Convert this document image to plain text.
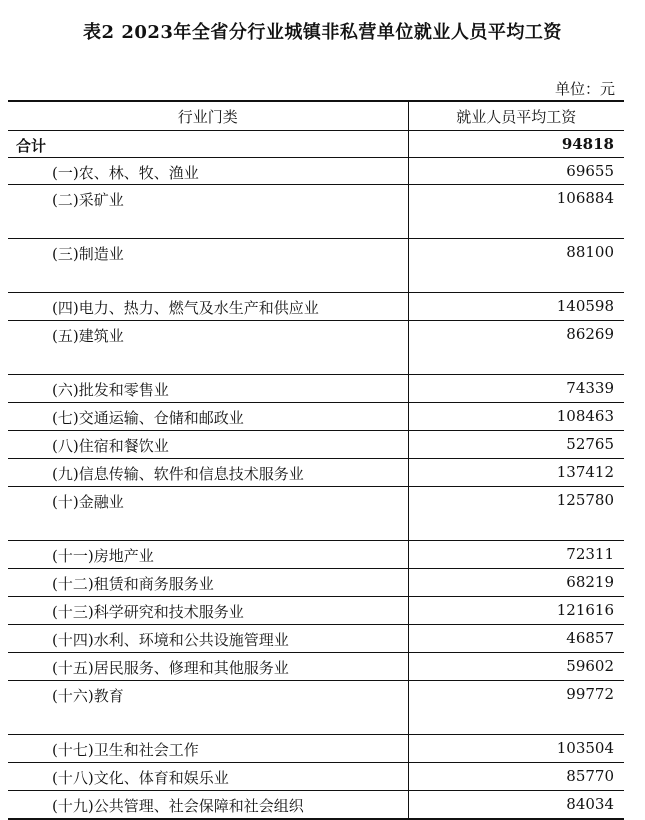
表2 2023年全省分行业城镇非私营单位就业人员平均工资
单位：元
行业门类	就业人员平均工资
合计	94818
(一)农、林、牧、渔业	69655
(二)采矿业	106884
(三)制造业	88100
(四)电力、热力、燃气及水生产和供应业	140598
(五)建筑业	86269
(六)批发和零售业	74339
(七)交通运输、仓储和邮政业	108463
(八)住宿和餐饮业	52765
(九)信息传输、软件和信息技术服务业	137412
(十)金融业	125780
(十一)房地产业	72311
(十二)租赁和商务服务业	68219
(十三)科学研究和技术服务业	121616
(十四)水利、环境和公共设施管理业	46857
(十五)居民服务、修理和其他服务业	59602
(十六)教育	99772
(十七)卫生和社会工作	103504
(十八)文化、体育和娱乐业	85770
(十九)公共管理、社会保障和社会组织	84034
